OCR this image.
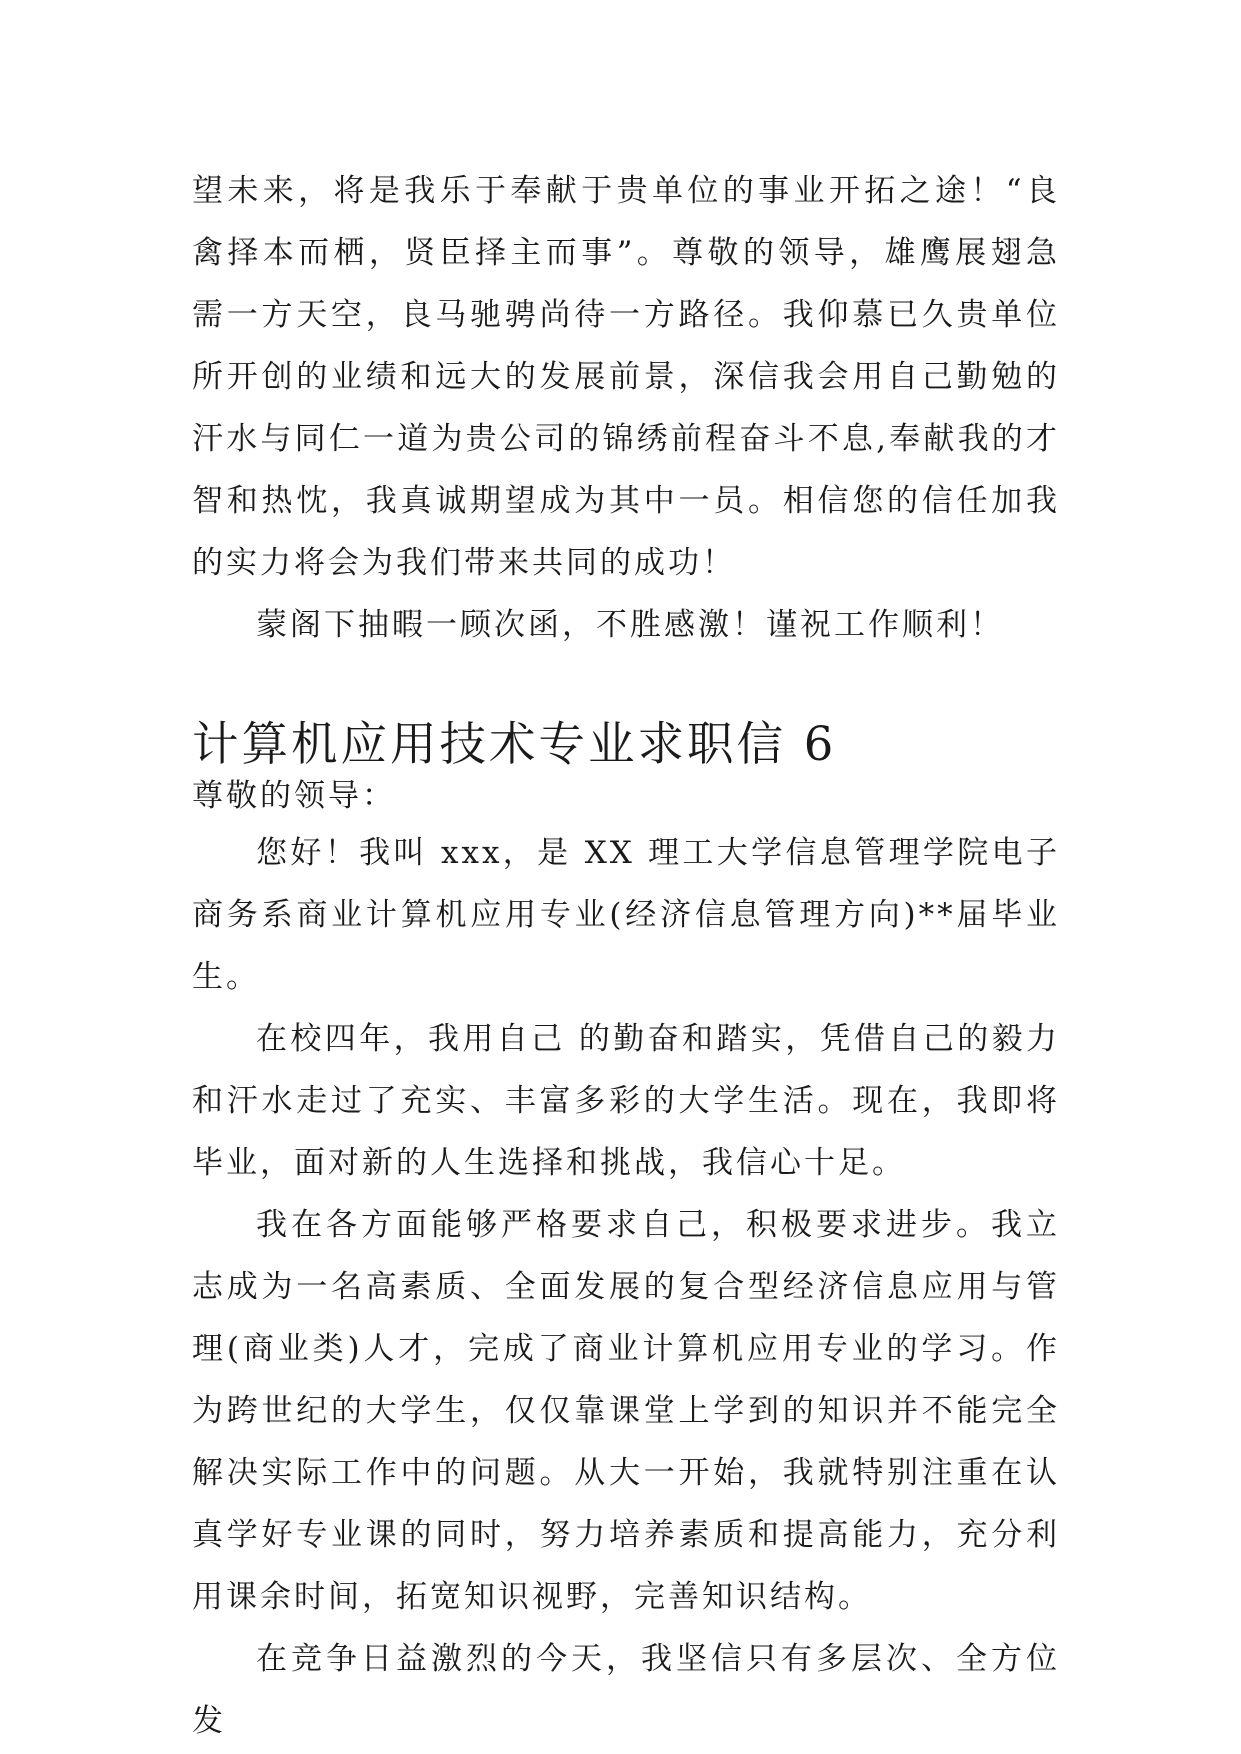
望未来，将是我乐于奉献于贵单位的事业开拓之途！“良禽择本而栖，贤臣择主而事”。尊敬的领导，雄鹰展翅急需一方天空，良马驰骋尚待一方路径。我仰慕已久贵单位所开创的业绩和远大的发展前景，深信我会用自己勤勉的汗水与同仁一道为贵公司的锦绣前程奋斗不息,奉献我的才智和热忱，我真诚期望成为其中一员。相信您的信任加我的实力将会为我们带来共同的成功！

蒙阁下抽暇一顾次函，不胜感激！谨祝工作顺利！

计算机应用技术专业求职信 6

尊敬的领导：

您好！我叫 xxx，是 XX 理工大学信息管理学院电子商务系商业计算机应用专业(经济信息管理方向)**届毕业生。

在校四年，我用自己 的勤奋和踏实，凭借自己的毅力和汗水走过了充实、丰富多彩的大学生活。现在，我即将毕业，面对新的人生选择和挑战，我信心十足。

我在各方面能够严格要求自己，积极要求进步。我立志成为一名高素质、全面发展的复合型经济信息应用与管理(商业类)人才，完成了商业计算机应用专业的学习。作为跨世纪的大学生，仅仅靠课堂上学到的知识并不能完全解决实际工作中的问题。从大一开始，我就特别注重在认真学好专业课的同时，努力培养素质和提高能力，充分利用课余时间，拓宽知识视野，完善知识结构。

在竞争日益激烈的今天，我坚信只有多层次、全方位发
